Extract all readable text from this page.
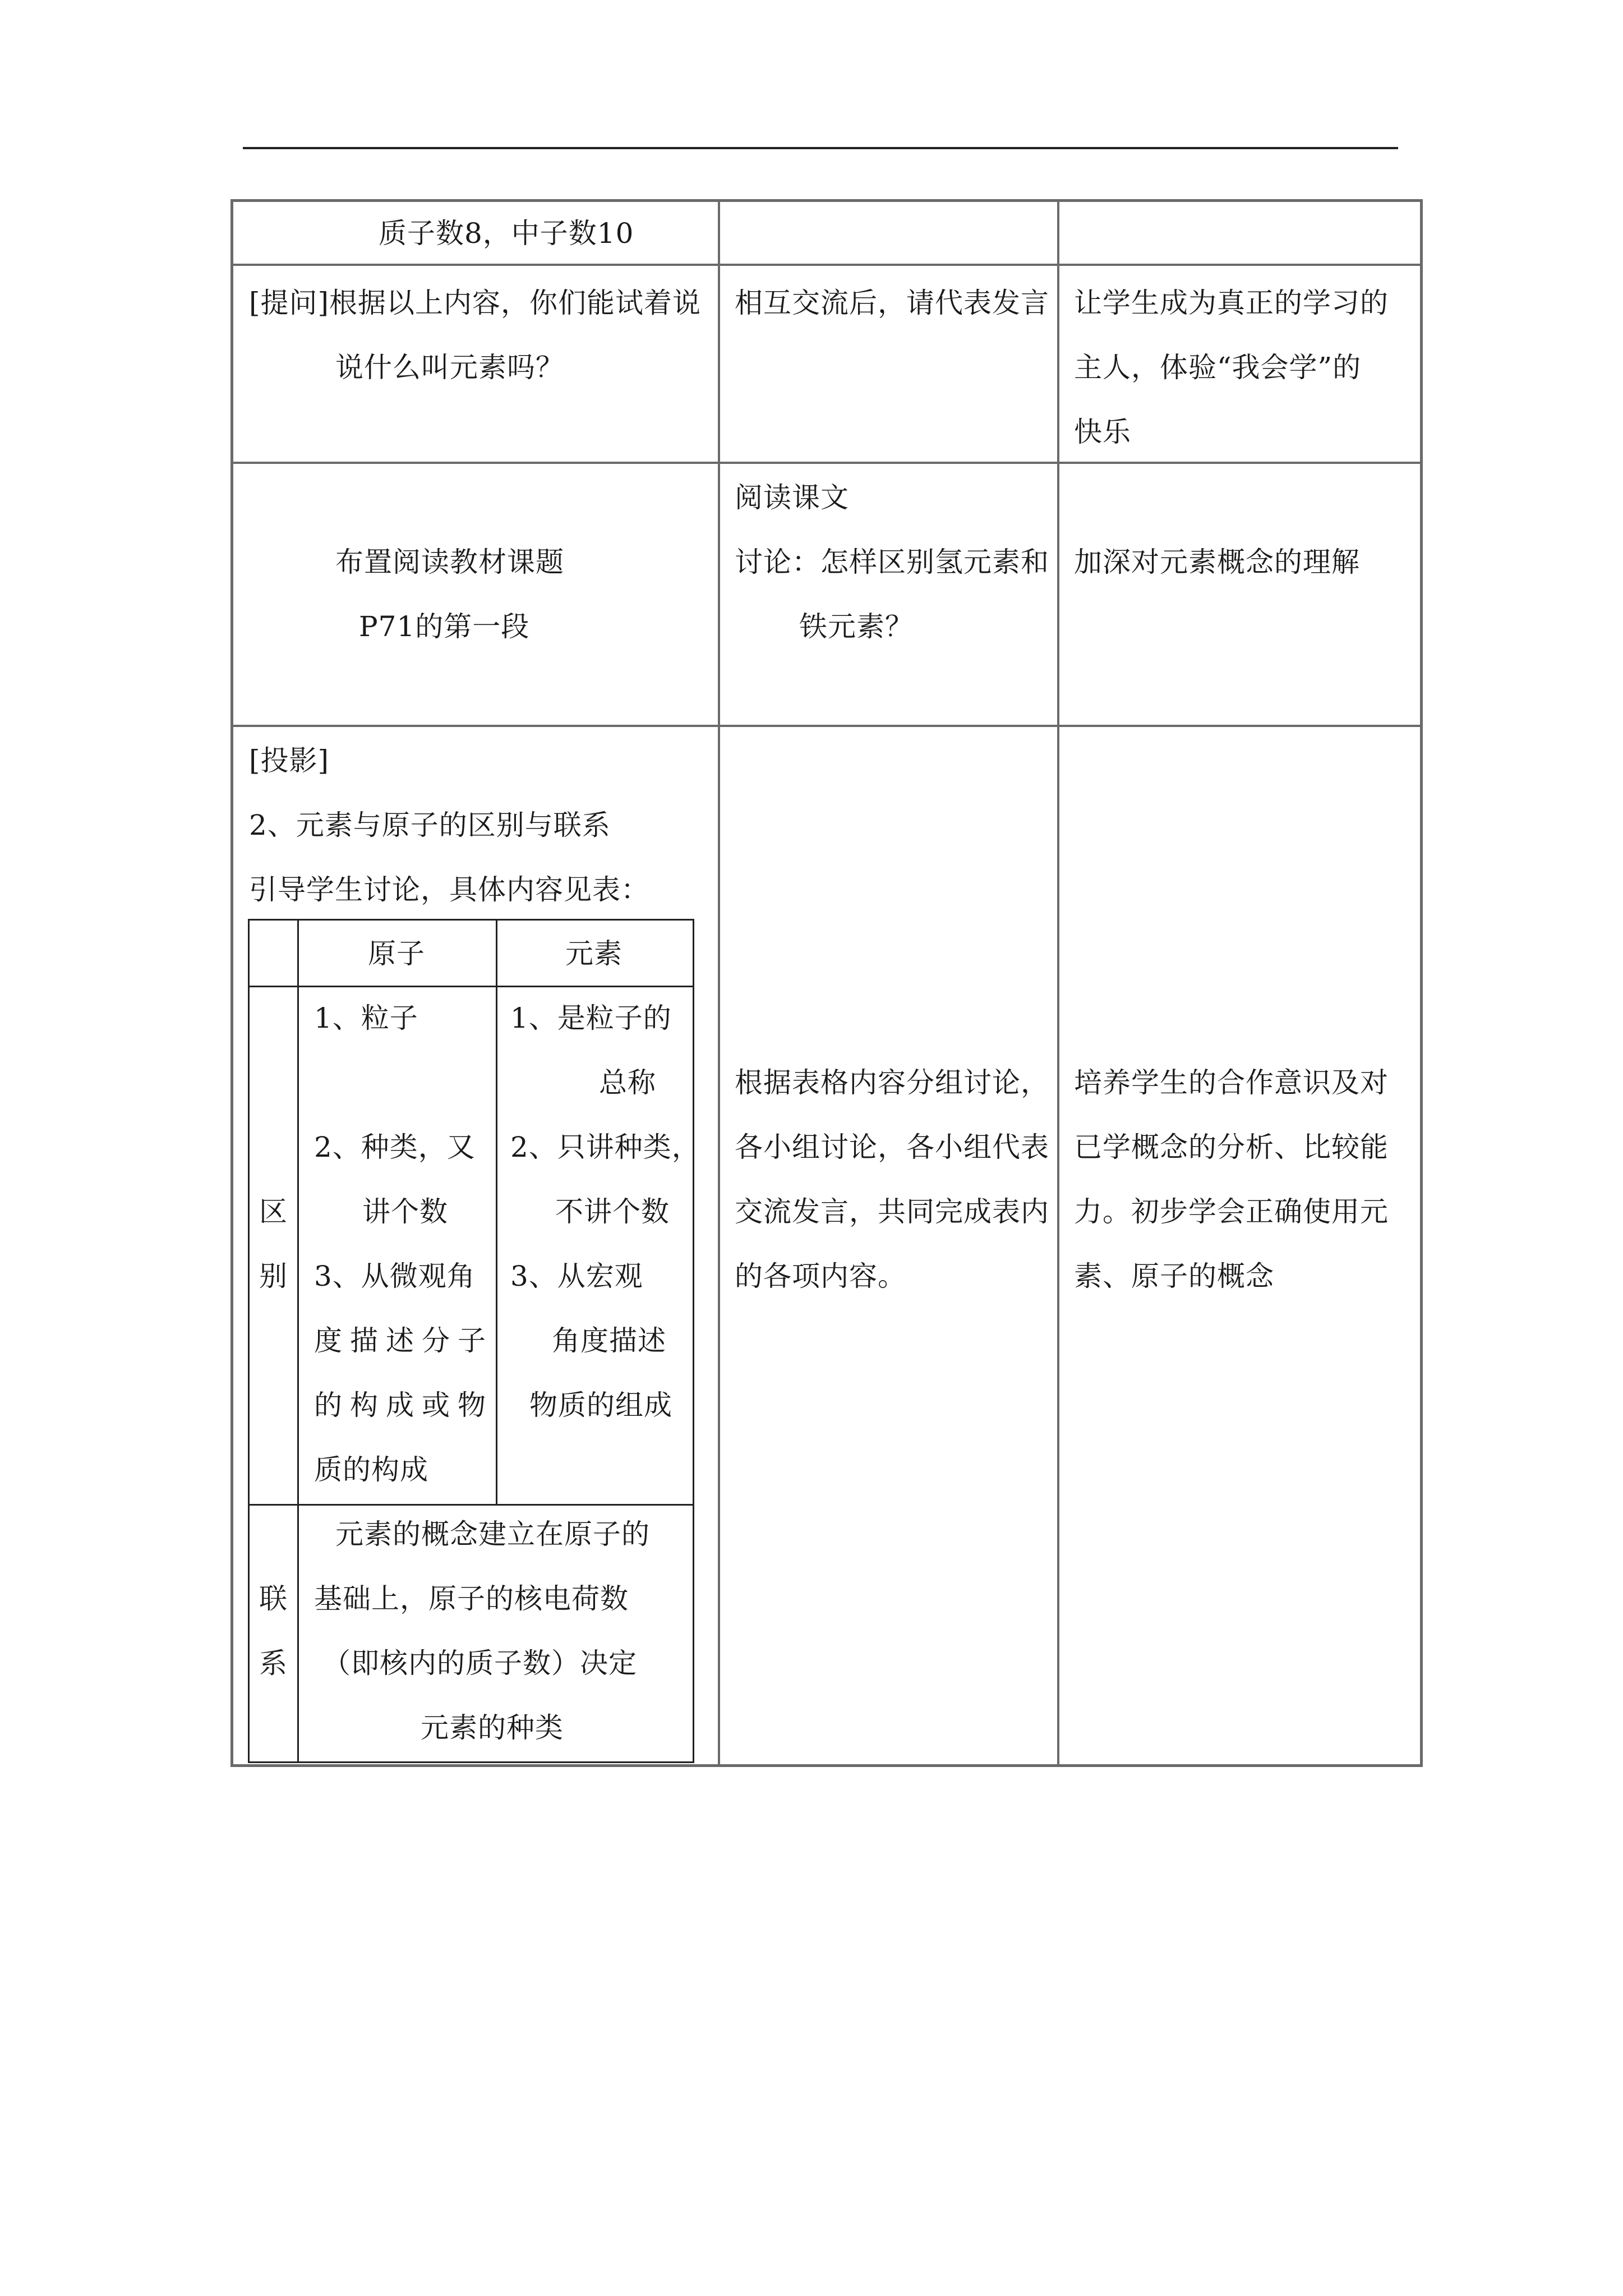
质子数8，中子数10
[提问]根据以上内容，你们能试着说
说什么叫元素吗？
相互交流后，请代表发言 让学生成为真正的学习的
主人，体验“我会学”的
快乐
布置阅读教材课题
P71的第一段
阅读课文
讨论：怎样区别氢元素和
铁元素？
加深对元素概念的理解
[投影]
2、元素与原子的区别与联系
引导学生讨论，具体内容见表：
根据表格内容分组讨论，
各小组讨论，各小组代表
交流发言，共同完成表内
的各项内容。
培养学生的合作意识及对
已学概念的分析、比较能
力。初步学会正确使用元
素、原子的概念
原子	元素
区
别
1、粒子
2、种类，又
讲个数
3、从微观角
度描述分子
的构成或物
质的构成
1、是粒子的
总称
2、只讲种类，
不讲个数
3、从宏观
角度描述
物质的组成
联
系
元素的概念建立在原子的
基础上，原子的核电荷数
（即核内的质子数）决定
元素的种类
